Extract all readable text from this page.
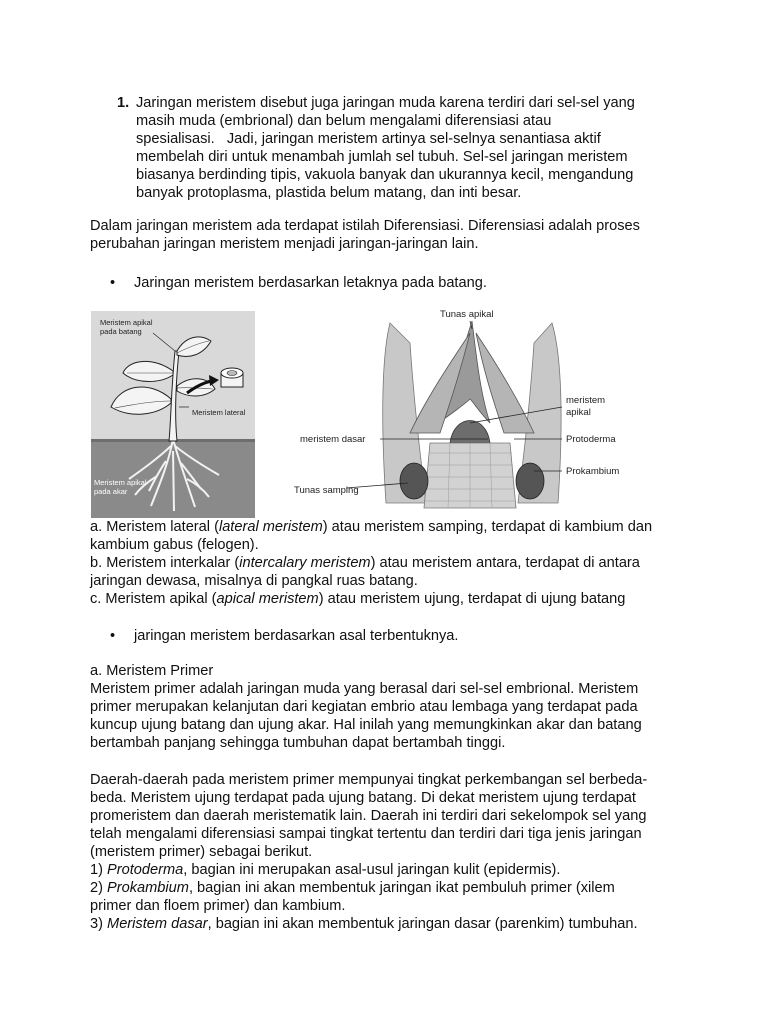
1. Jaringan meristem disebut juga jaringan muda karena terdiri dari sel-sel yang
masih muda (embrional) dan belum mengalami diferensiasi atau
spesialisasi.   Jadi, jaringan meristem artinya sel-selnya senantiasa aktif
membelah diri untuk menambah jumlah sel tubuh. Sel-sel jaringan meristem
biasanya berdinding tipis, vakuola banyak dan ukurannya kecil, mengandung
banyak protoplasma, plastida belum matang, dan inti besar.
Dalam jaringan meristem ada terdapat istilah Diferensiasi. Diferensiasi adalah proses
perubahan jaringan meristem menjadi jaringan-jaringan lain.
• Jaringan meristem berdasarkan letaknya pada batang.
Meristem apikal
pada batang
Meristem lateral
Meristem apikal
pada akar
Tunas apikal
meristem
apikal
meristem dasar	Protoderma
Prokambium
Tunas samping
a. Meristem lateral (lateral meristem) atau meristem samping, terdapat di kambium dan
kambium gabus (felogen).
b. Meristem interkalar (intercalary meristem) atau meristem antara, terdapat di antara
jaringan dewasa, misalnya di pangkal ruas batang.
c. Meristem apikal (apical meristem) atau meristem ujung, terdapat di ujung batang
• jaringan meristem berdasarkan asal terbentuknya.
a. Meristem Primer
Meristem primer adalah jaringan muda yang berasal dari sel-sel embrional. Meristem
primer merupakan kelanjutan dari kegiatan embrio atau lembaga yang terdapat pada
kuncup ujung batang dan ujung akar. Hal inilah yang memungkinkan akar dan batang
bertambah panjang sehingga tumbuhan dapat bertambah tinggi.
Daerah-daerah pada meristem primer mempunyai tingkat perkembangan sel berbeda-
beda. Meristem ujung terdapat pada ujung batang. Di dekat meristem ujung terdapat
promeristem dan daerah meristematik lain. Daerah ini terdiri dari sekelompok sel yang
telah mengalami diferensiasi sampai tingkat tertentu dan terdiri dari tiga jenis jaringan
(meristem primer) sebagai berikut.
1) Protoderma, bagian ini merupakan asal-usul jaringan kulit (epidermis).
2) Prokambium, bagian ini akan membentuk jaringan ikat pembuluh primer (xilem
primer dan floem primer) dan kambium.
3) Meristem dasar, bagian ini akan membentuk jaringan dasar (parenkim) tumbuhan.
